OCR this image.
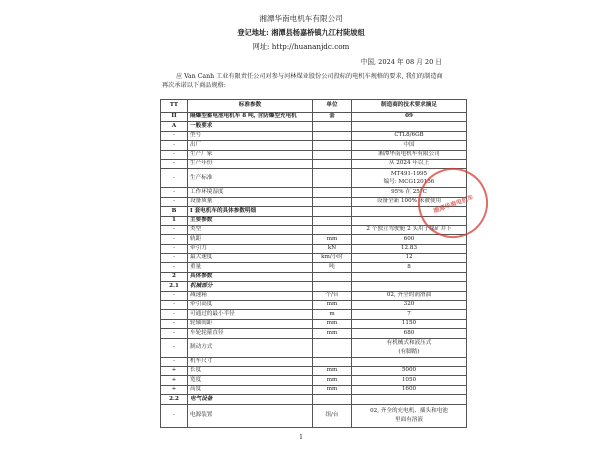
湘潭华南电机车有限公司
登记地址: 湘潭县杨嘉桥镇九江村陡坡组
网址: http://huananjdc.com
中国, 2024 年 08 月 20 日
应 Van Canh 工业有限责任公司对参与河林煤业股份公司投标的电机车规格的要求, 我们的制造商再次承诺以下商品规格:
TT	标准参数	单位	制造商的技术要求摘足
II	隔爆型蓄电池电机车 8 吨, 含防爆型充电机	套	09
A	一般要求		
-	型号		CTL8/6GB
-	出厂		中国
-	生产厂家		湘潭华南电机车有限公司
-	生产年份		从 2024 年以上
-	生产标准		MT491-1995
编号: MCG120156
-	工作环境湿度		95% 在 25°C
-	设备质量		设备全新 100% 未被使用
B	I 套电机车的具体参数明细		
1	主要参数		
-	类型		2 个独立驾驶舱 2 头用于煤矿井下
-	轨距	mm	600
-	牵引力	kN	12.83
-	最大速度	km/小时	12
-	重量	吨	8
2	具体参数		
2.1	机械部分		
-	减速箱	个/台	02, 齐全的润滑油
-	牵引高度	mm	320
-	可通过的最小半径	m	7
-	轮轴间距	mm	1150
-	车轮轮箍直径	mm	680
-	制动方式		有机械式和液压式
(有脚踏)
-	机车尺寸		
+	长度	mm	5000
+	宽度	mm	1050
+	高度	mm	1600
2.2	电气设备		
-	电源装置	组/台	02, 齐全的充电机、插头和电池
里面有溶液
湘潭华南电机车
1
